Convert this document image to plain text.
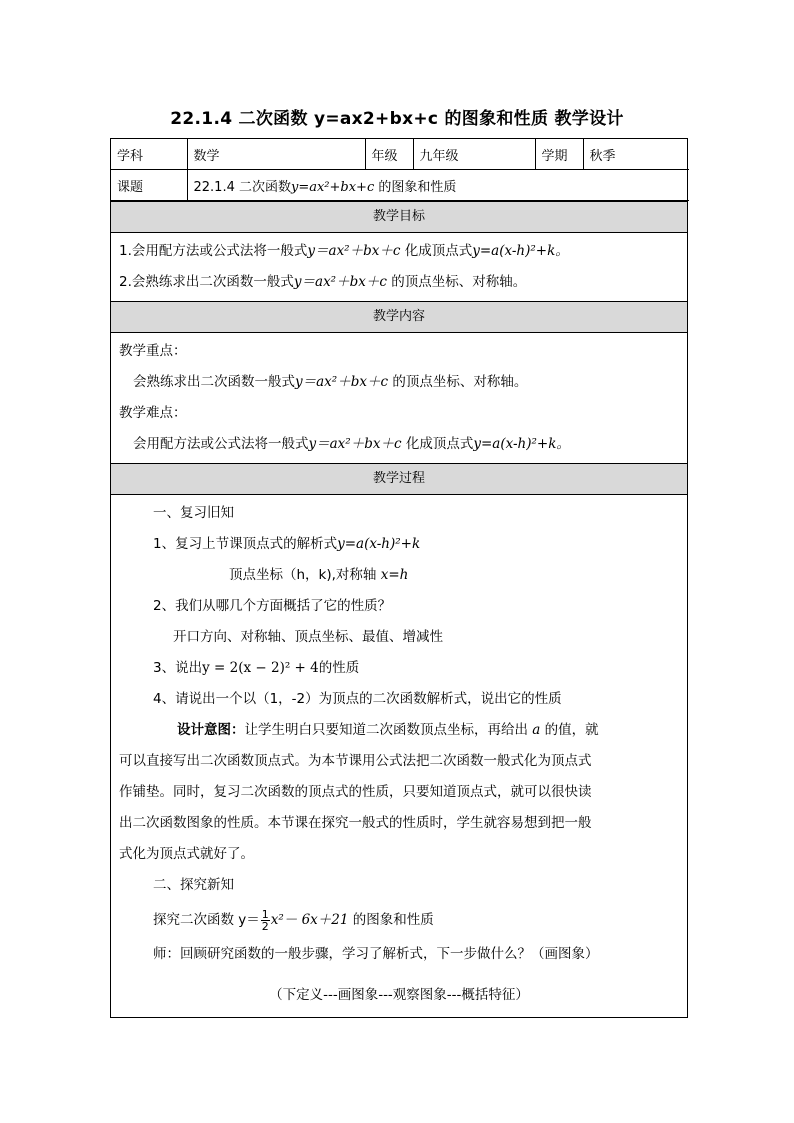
22.1.4 二次函数 y=ax2+bx+c 的图象和性质 教学设计
学科	数学	年级	九年级	学期	秋季
课题	22.1.4 二次函数y=ax²+bx+c 的图象和性质				
教学目标
1.会用配方法或公式法将一般式y＝ax²＋bx＋c 化成顶点式y=a(x-h)²+k。
2.会熟练求出二次函数一般式y＝ax²＋bx＋c 的顶点坐标、对称轴。
教学内容
教学重点：
会熟练求出二次函数一般式y＝ax²＋bx＋c 的顶点坐标、对称轴。
教学难点：
会用配方法或公式法将一般式y＝ax²＋bx＋c 化成顶点式y=a(x-h)²+k。
教学过程
一、复习旧知
1、复习上节课顶点式的解析式y=a(x-h)²+k
顶点坐标（h，k),对称轴 x=h
2、我们从哪几个方面概括了它的性质？
开口方向、对称轴、顶点坐标、最值、增减性
3、说出y = 2(x − 2)² + 4的性质
4、请说出一个以（1，-2）为顶点的二次函数解析式，说出它的性质
设计意图：让学生明白只要知道二次函数顶点坐标，再给出 a 的值，就
可以直接写出二次函数顶点式。为本节课用公式法把二次函数一般式化为顶点式
作铺垫。同时，复习二次函数的顶点式的性质，只要知道顶点式，就可以很快读
出二次函数图象的性质。本节课在探究一般式的性质时，学生就容易想到把一般
式化为顶点式就好了。
二、探究新知
探究二次函数 $y= \frac{1}{2} x^2- 6x+21$ 的图象和性质
师：回顾研究函数的一般步骤，学习了解析式，下一步做什么？（画图象）
（下定义---画图象---观察图象---概括特征）
